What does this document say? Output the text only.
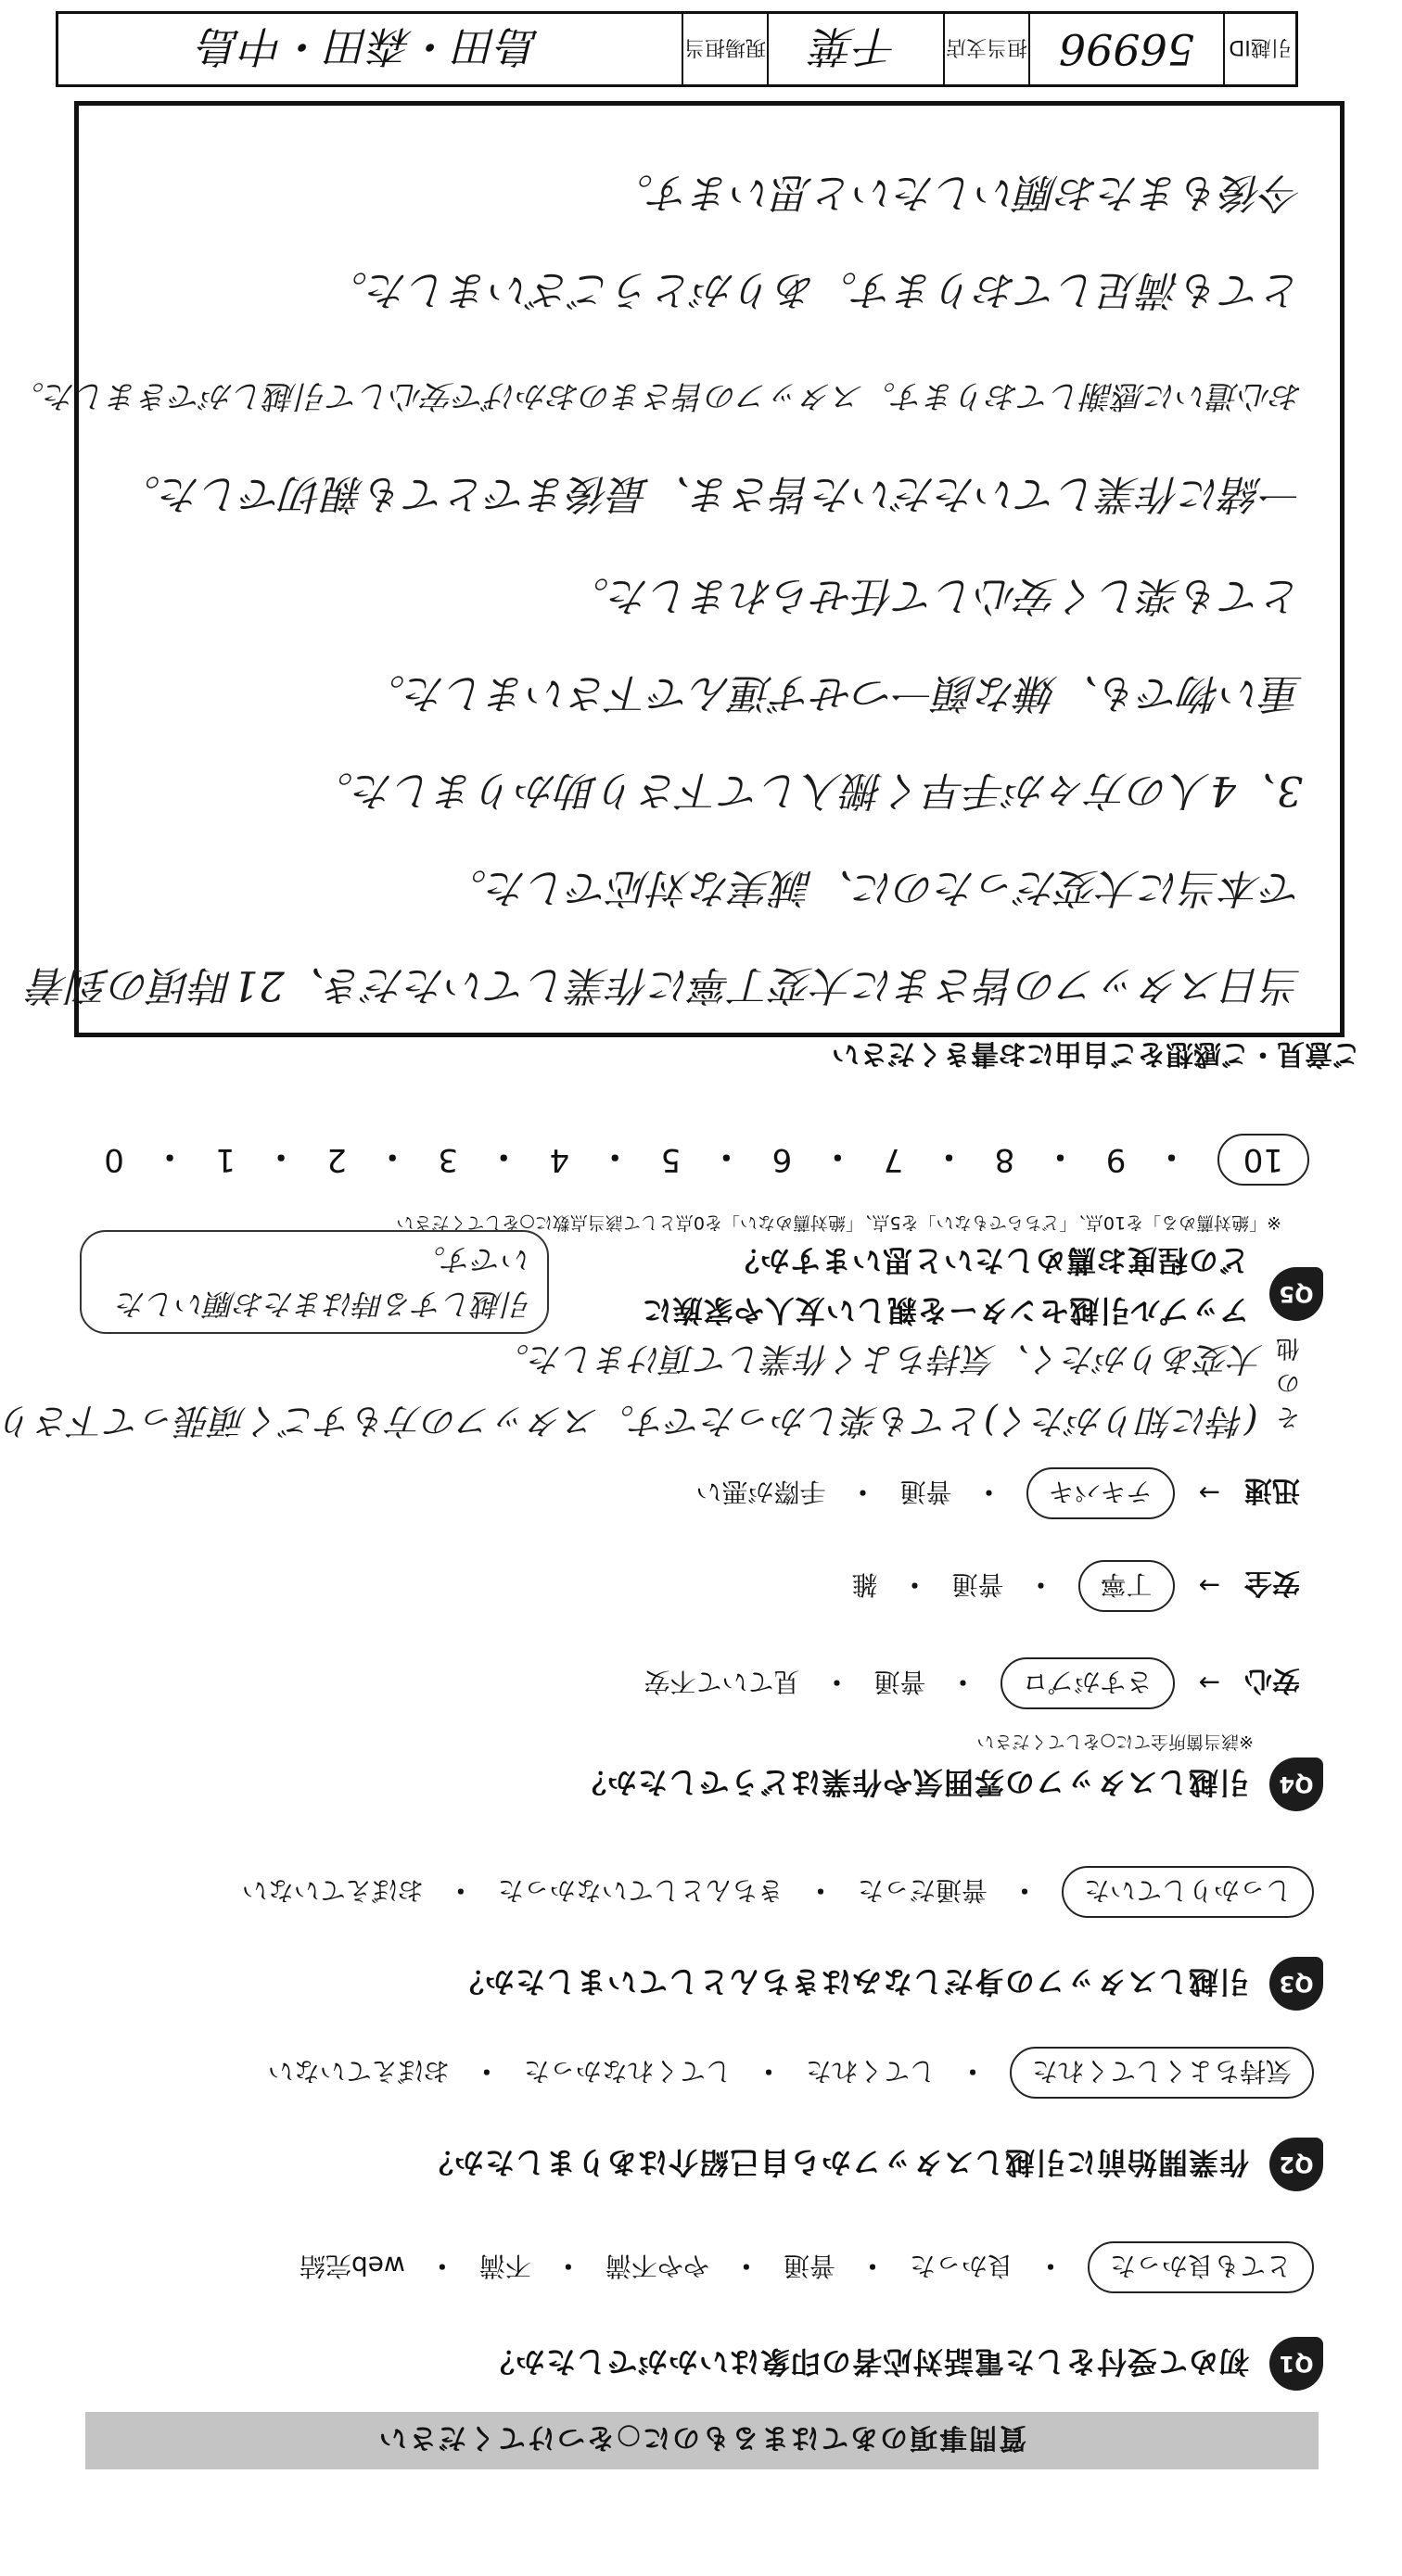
引越ID
56996
担当支店
千葉
現場担当
島田・森田・中島
質問事項のあてはまるものに○をつけてください
Q1
初めて受付をした電話対応者の印象はいかがでしたか？
とても良かった
・
良かった
・
普通
・
やや不満
・
不満
・
web完結
Q2
作業開始前に引越しスタッフから自己紹介はありましたか？
気持ちよくしてくれた
・
してくれた
・
してくれなかった
・
おぼえていない
Q3
引越しスタッフの身だしなみはきちんとしていましたか？
しっかりしていた
・
普通だった
・
きちんとしていなかった
・
おぼえていない
Q4
引越しスタッフの雰囲気や作業はどうでしたか？
※該当箇所全てに○をしてください
安心
→
さすがプロ
・
普通
・
見ていて不安
安全
→
丁寧
・
普通
・
雑
迅速
→
テキパキ
・
普通
・
手際が悪い
その他
(特に知りがたく)とても楽しかったです。スタッフの方もすごく頑張って下さり
大変ありがたく、気持ちよく作業して頂けました。
Q5
アップル引越センターを親しい友人や家族に
どの程度お薦めしたいと思いますか？
※「絶対薦める」を10点、「どちらでもない」を5点、「絶対薦めない」を0点として該当点数に○をしてください
引越しする時はまたお願いしたいです。
10
・
9
・
8
・
7
・
6
・
5
・
4
・
3
・
2
・
1
・
0
ご意見・ご感想をご自由にお書きください
当日スタッフの皆さまに大変丁寧に作業していただき、21時頃の到着
で本当に大変だったのに、誠実な対応でした。
3、4人の方々が手早く搬入して下さり助かりました。
重い物でも、嫌な顔一つせず運んで下さいました。
とても楽しく安心して任せられました。
一緒に作業していただいた皆さま、最後までとても親切でした。
お心遣いに感謝しております。スタッフの皆さまのおかげで安心して引越しができました。
とても満足しております。ありがとうございました。
今後もまたお願いしたいと思います。
